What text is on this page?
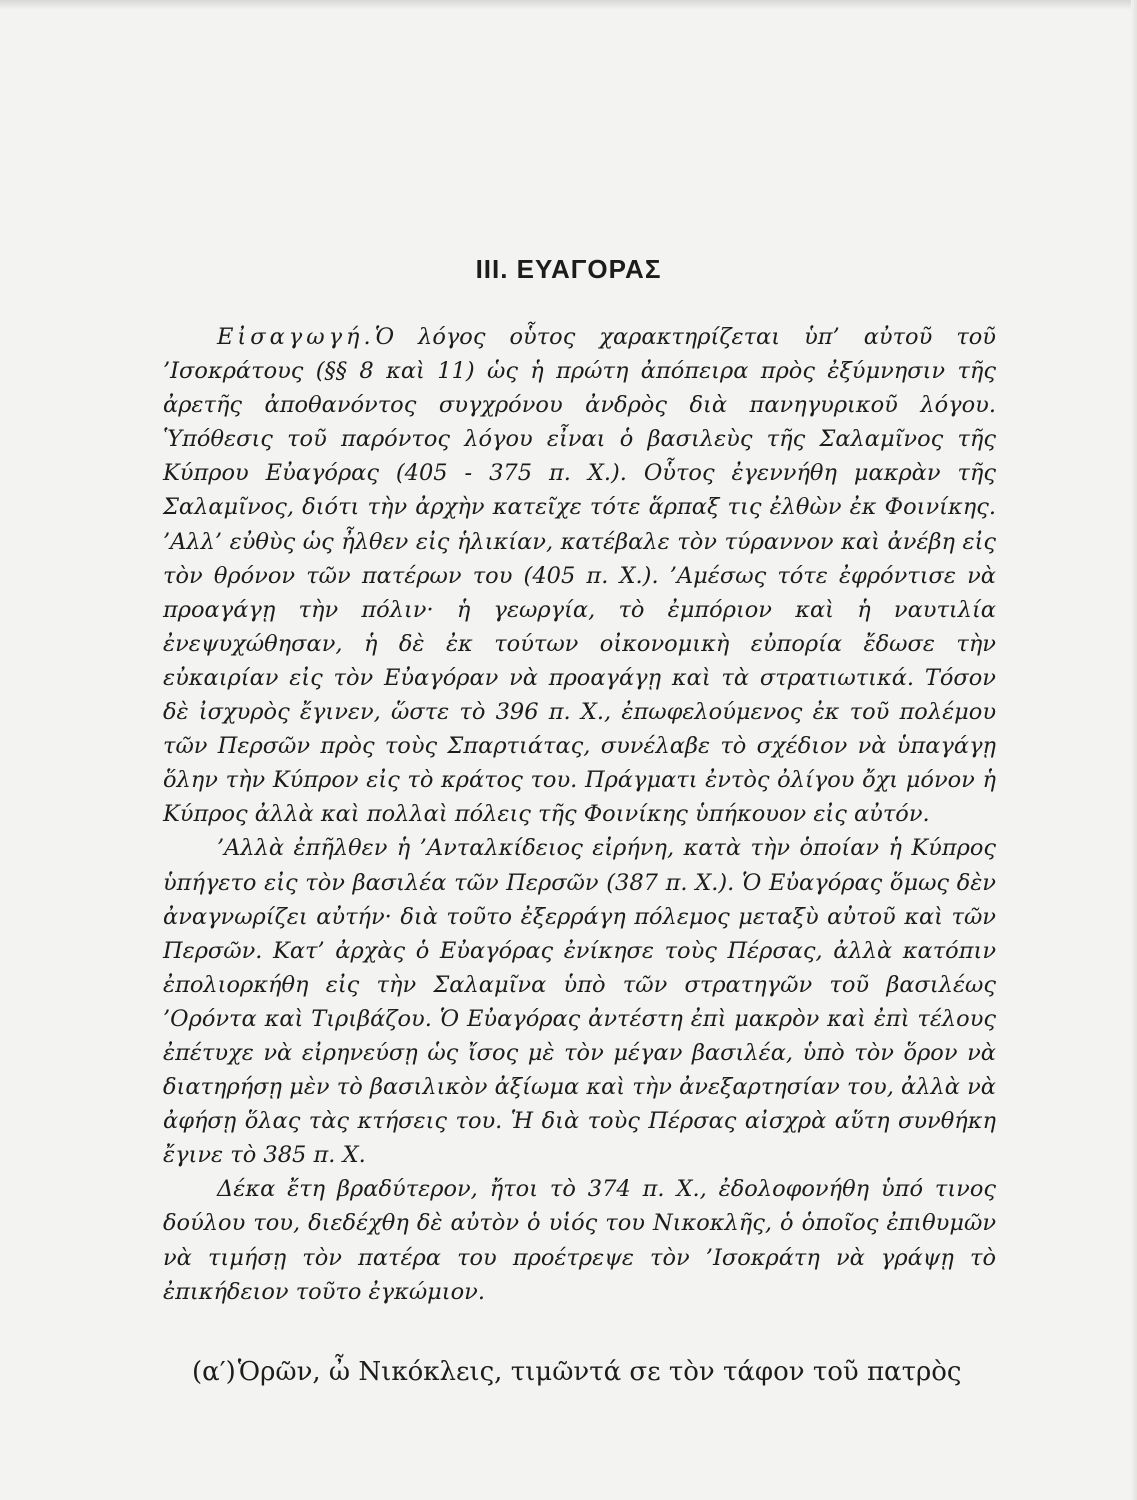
III. ΕΥΑΓΟΡΑΣ

Εἰσαγωγή.Ὁ λόγος οὗτος χαρακτηρίζεται ὑπ’ αὐτοῦ τοῦ ’Ισοκράτους (§§ 8 καὶ 11) ὡς ἡ πρώτη ἀπόπειρα πρὸς ἐξύμνησιν τῆς ἀρετῆς ἀποθανόντος συγχρόνου ἀνδρὸς διὰ πανηγυρικοῦ λόγου. Ὑπόθεσις τοῦ παρόντος λόγου εἶναι ὁ βασιλεὺς τῆς Σαλαμῖνος τῆς Κύπρου Εὐαγόρας (405 - 375 π. Χ.). Οὗτος ἐγεννήθη μακρὰν τῆς Σαλαμῖνος, διότι τὴν ἀρχὴν κατεῖχε τότε ἅρπαξ τις ἐλθὼν ἐκ Φοινίκης. ’Αλλ’ εὐθὺς ὡς ἦλθεν εἰς ἡλικίαν, κατέβαλε τὸν τύραννον καὶ ἀνέβη εἰς τὸν θρόνον τῶν πατέρων του (405 π. Χ.). ’Αμέσως τότε ἐφρόντισε νὰ προαγάγῃ τὴν πόλιν· ἡ γεωργία, τὸ ἐμπόριον καὶ ἡ ναυτιλία ἐνεψυχώθησαν, ἡ δὲ ἐκ τούτων οἰκονομικὴ εὐπορία ἔδωσε τὴν εὐκαιρίαν εἰς τὸν Εὐαγόραν νὰ προαγάγῃ καὶ τὰ στρατιωτικά. Τόσον δὲ ἰσχυρὸς ἔγινεν, ὥστε τὸ 396 π. Χ., ἐπωφελούμενος ἐκ τοῦ πολέμου τῶν Περσῶν πρὸς τοὺς Σπαρτιάτας, συνέλαβε τὸ σχέδιον νὰ ὑπαγάγῃ ὅλην τὴν Κύπρον εἰς τὸ κράτος του. Πράγματι ἐντὸς ὀλίγου ὄχι μόνον ἡ Κύπρος ἀλλὰ καὶ πολλαὶ πόλεις τῆς Φοινίκης ὑπήκουον εἰς αὐτόν.

’Αλλὰ ἐπῆλθεν ἡ ’Ανταλκίδειος εἰρήνη, κατὰ τὴν ὁποίαν ἡ Κύπρος ὑπήγετο εἰς τὸν βασιλέα τῶν Περσῶν (387 π. Χ.). Ὁ Εὐαγόρας ὅμως δὲν ἀναγνωρίζει αὐτήν· διὰ τοῦτο ἐξερράγη πόλεμος μεταξὺ αὐτοῦ καὶ τῶν Περσῶν. Κατ’ ἀρχὰς ὁ Εὐαγόρας ἐνίκησε τοὺς Πέρσας, ἀλλὰ κατόπιν ἐπολιορκήθη εἰς τὴν Σαλαμῖνα ὑπὸ τῶν στρατηγῶν τοῦ βασιλέως ’Ορόντα καὶ Τιριβάζου. Ὁ Εὐαγόρας ἀντέστη ἐπὶ μακρὸν καὶ ἐπὶ τέλους ἐπέτυχε νὰ εἰρηνεύσῃ ὡς ἴσος μὲ τὸν μέγαν βασιλέα, ὑπὸ τὸν ὅρον νὰ διατηρήσῃ μὲν τὸ βασιλικὸν ἀξίωμα καὶ τὴν ἀνεξαρτησίαν του, ἀλλὰ νὰ ἀφήσῃ ὅλας τὰς κτήσεις του. Ἡ διὰ τοὺς Πέρσας αἰσχρὰ αὕτη συνθήκη ἔγινε τὸ 385 π. Χ.

Δέκα ἔτη βραδύτερον, ἤτοι τὸ 374 π. Χ., ἐδολοφονήθη ὑπό τινος δούλου του, διεδέχθη δὲ αὐτὸν ὁ υἱός του Νικοκλῆς, ὁ ὁποῖος ἐπιθυμῶν νὰ τιμήσῃ τὸν πατέρα του προέτρεψε τὸν ’Ισοκράτη νὰ γράψῃ τὸ ἐπικήδειον τοῦτο ἐγκώμιον.

(α′)Ὁρῶν, ὦ Νικόκλεις, τιμῶντά σε τὸν τάφον τοῦ πατρὸς
